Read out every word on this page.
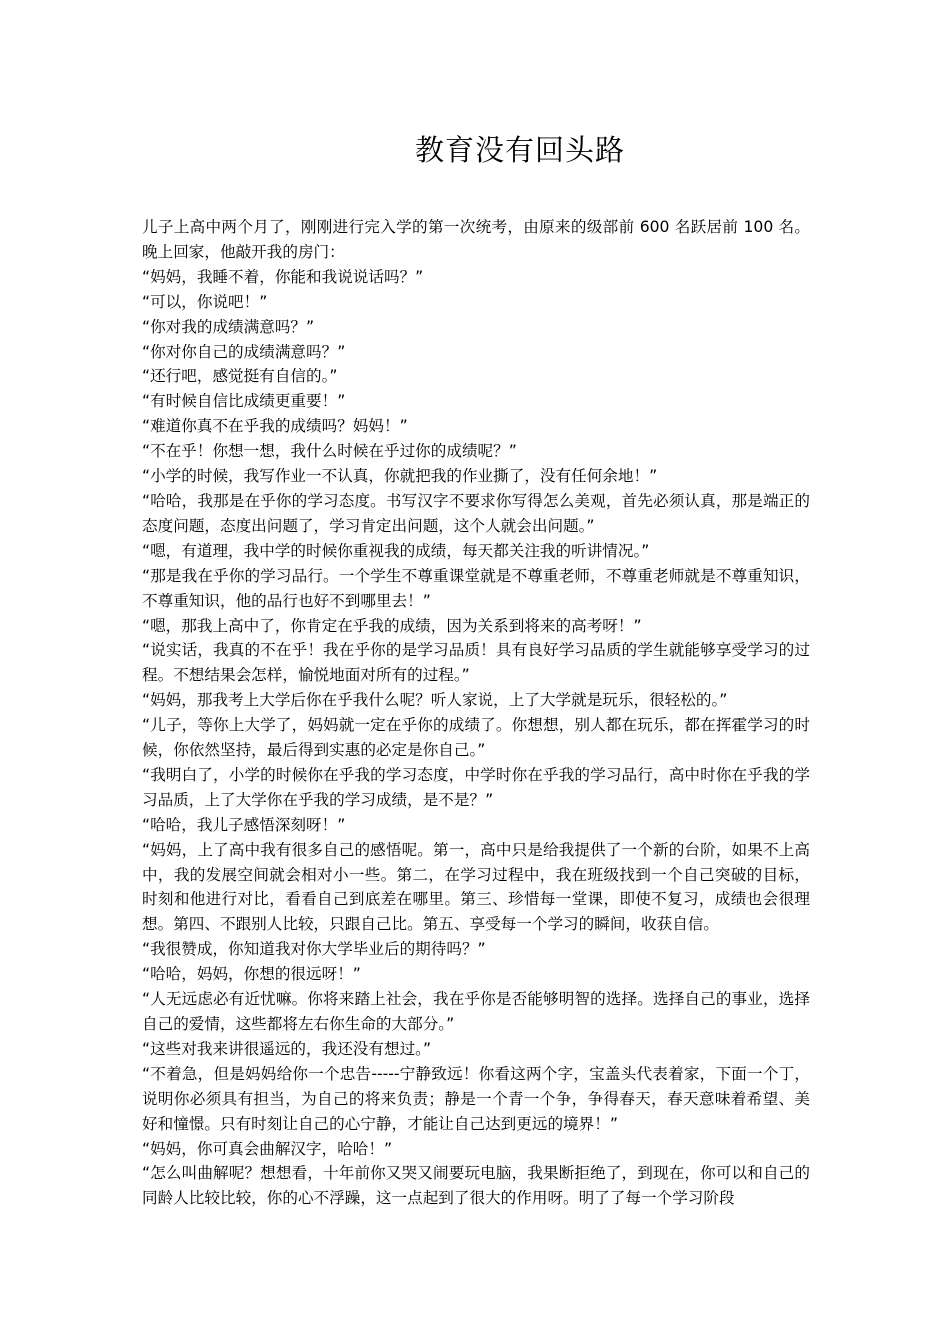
教育没有回头路

儿子上高中两个月了，刚刚进行完入学的第一次统考，由原来的级部前 600 名跃居前 100 名。晚上回家，他敲开我的房门：

“妈妈，我睡不着，你能和我说说话吗？”

“可以，你说吧！”

“你对我的成绩满意吗？”

“你对你自己的成绩满意吗？”

“还行吧，感觉挺有自信的。”

“有时候自信比成绩更重要！”

“难道你真不在乎我的成绩吗？妈妈！”

“不在乎！你想一想，我什么时候在乎过你的成绩呢？”

“小学的时候，我写作业一不认真，你就把我的作业撕了，没有任何余地！”

“哈哈，我那是在乎你的学习态度。书写汉字不要求你写得怎么美观，首先必须认真，那是端正的态度问题，态度出问题了，学习肯定出问题，这个人就会出问题。”

“嗯，有道理，我中学的时候你重视我的成绩，每天都关注我的听讲情况。”

“那是我在乎你的学习品行。一个学生不尊重课堂就是不尊重老师，不尊重老师就是不尊重知识，不尊重知识，他的品行也好不到哪里去！”

“嗯，那我上高中了，你肯定在乎我的成绩，因为关系到将来的高考呀！”

“说实话，我真的不在乎！我在乎你的是学习品质！具有良好学习品质的学生就能够享受学习的过程。不想结果会怎样，愉悦地面对所有的过程。”

“妈妈，那我考上大学后你在乎我什么呢？听人家说，上了大学就是玩乐，很轻松的。”

“儿子，等你上大学了，妈妈就一定在乎你的成绩了。你想想，别人都在玩乐，都在挥霍学习的时候，你依然坚持，最后得到实惠的必定是你自己。”

“我明白了，小学的时候你在乎我的学习态度，中学时你在乎我的学习品行，高中时你在乎我的学习品质，上了大学你在乎我的学习成绩，是不是？”

“哈哈，我儿子感悟深刻呀！”

“妈妈，上了高中我有很多自己的感悟呢。第一，高中只是给我提供了一个新的台阶，如果不上高中，我的发展空间就会相对小一些。第二，在学习过程中，我在班级找到一个自己突破的目标，时刻和他进行对比，看看自己到底差在哪里。第三、珍惜每一堂课，即使不复习，成绩也会很理想。第四、不跟别人比较，只跟自己比。第五、享受每一个学习的瞬间，收获自信。

“我很赞成，你知道我对你大学毕业后的期待吗？”

“哈哈，妈妈，你想的很远呀！”

“人无远虑必有近忧嘛。你将来踏上社会，我在乎你是否能够明智的选择。选择自己的事业，选择自己的爱情，这些都将左右你生命的大部分。”

“这些对我来讲很遥远的，我还没有想过。”

“不着急，但是妈妈给你一个忠告-----宁静致远！你看这两个字，宝盖头代表着家，下面一个丁，说明你必须具有担当，为自己的将来负责；静是一个青一个争，争得春天，春天意味着希望、美好和憧憬。只有时刻让自己的心宁静，才能让自己达到更远的境界！”

“妈妈，你可真会曲解汉字，哈哈！”

“怎么叫曲解呢？想想看，十年前你又哭又闹要玩电脑，我果断拒绝了，到现在，你可以和自己的同龄人比较比较，你的心不浮躁，这一点起到了很大的作用呀。明了了每一个学习阶段
